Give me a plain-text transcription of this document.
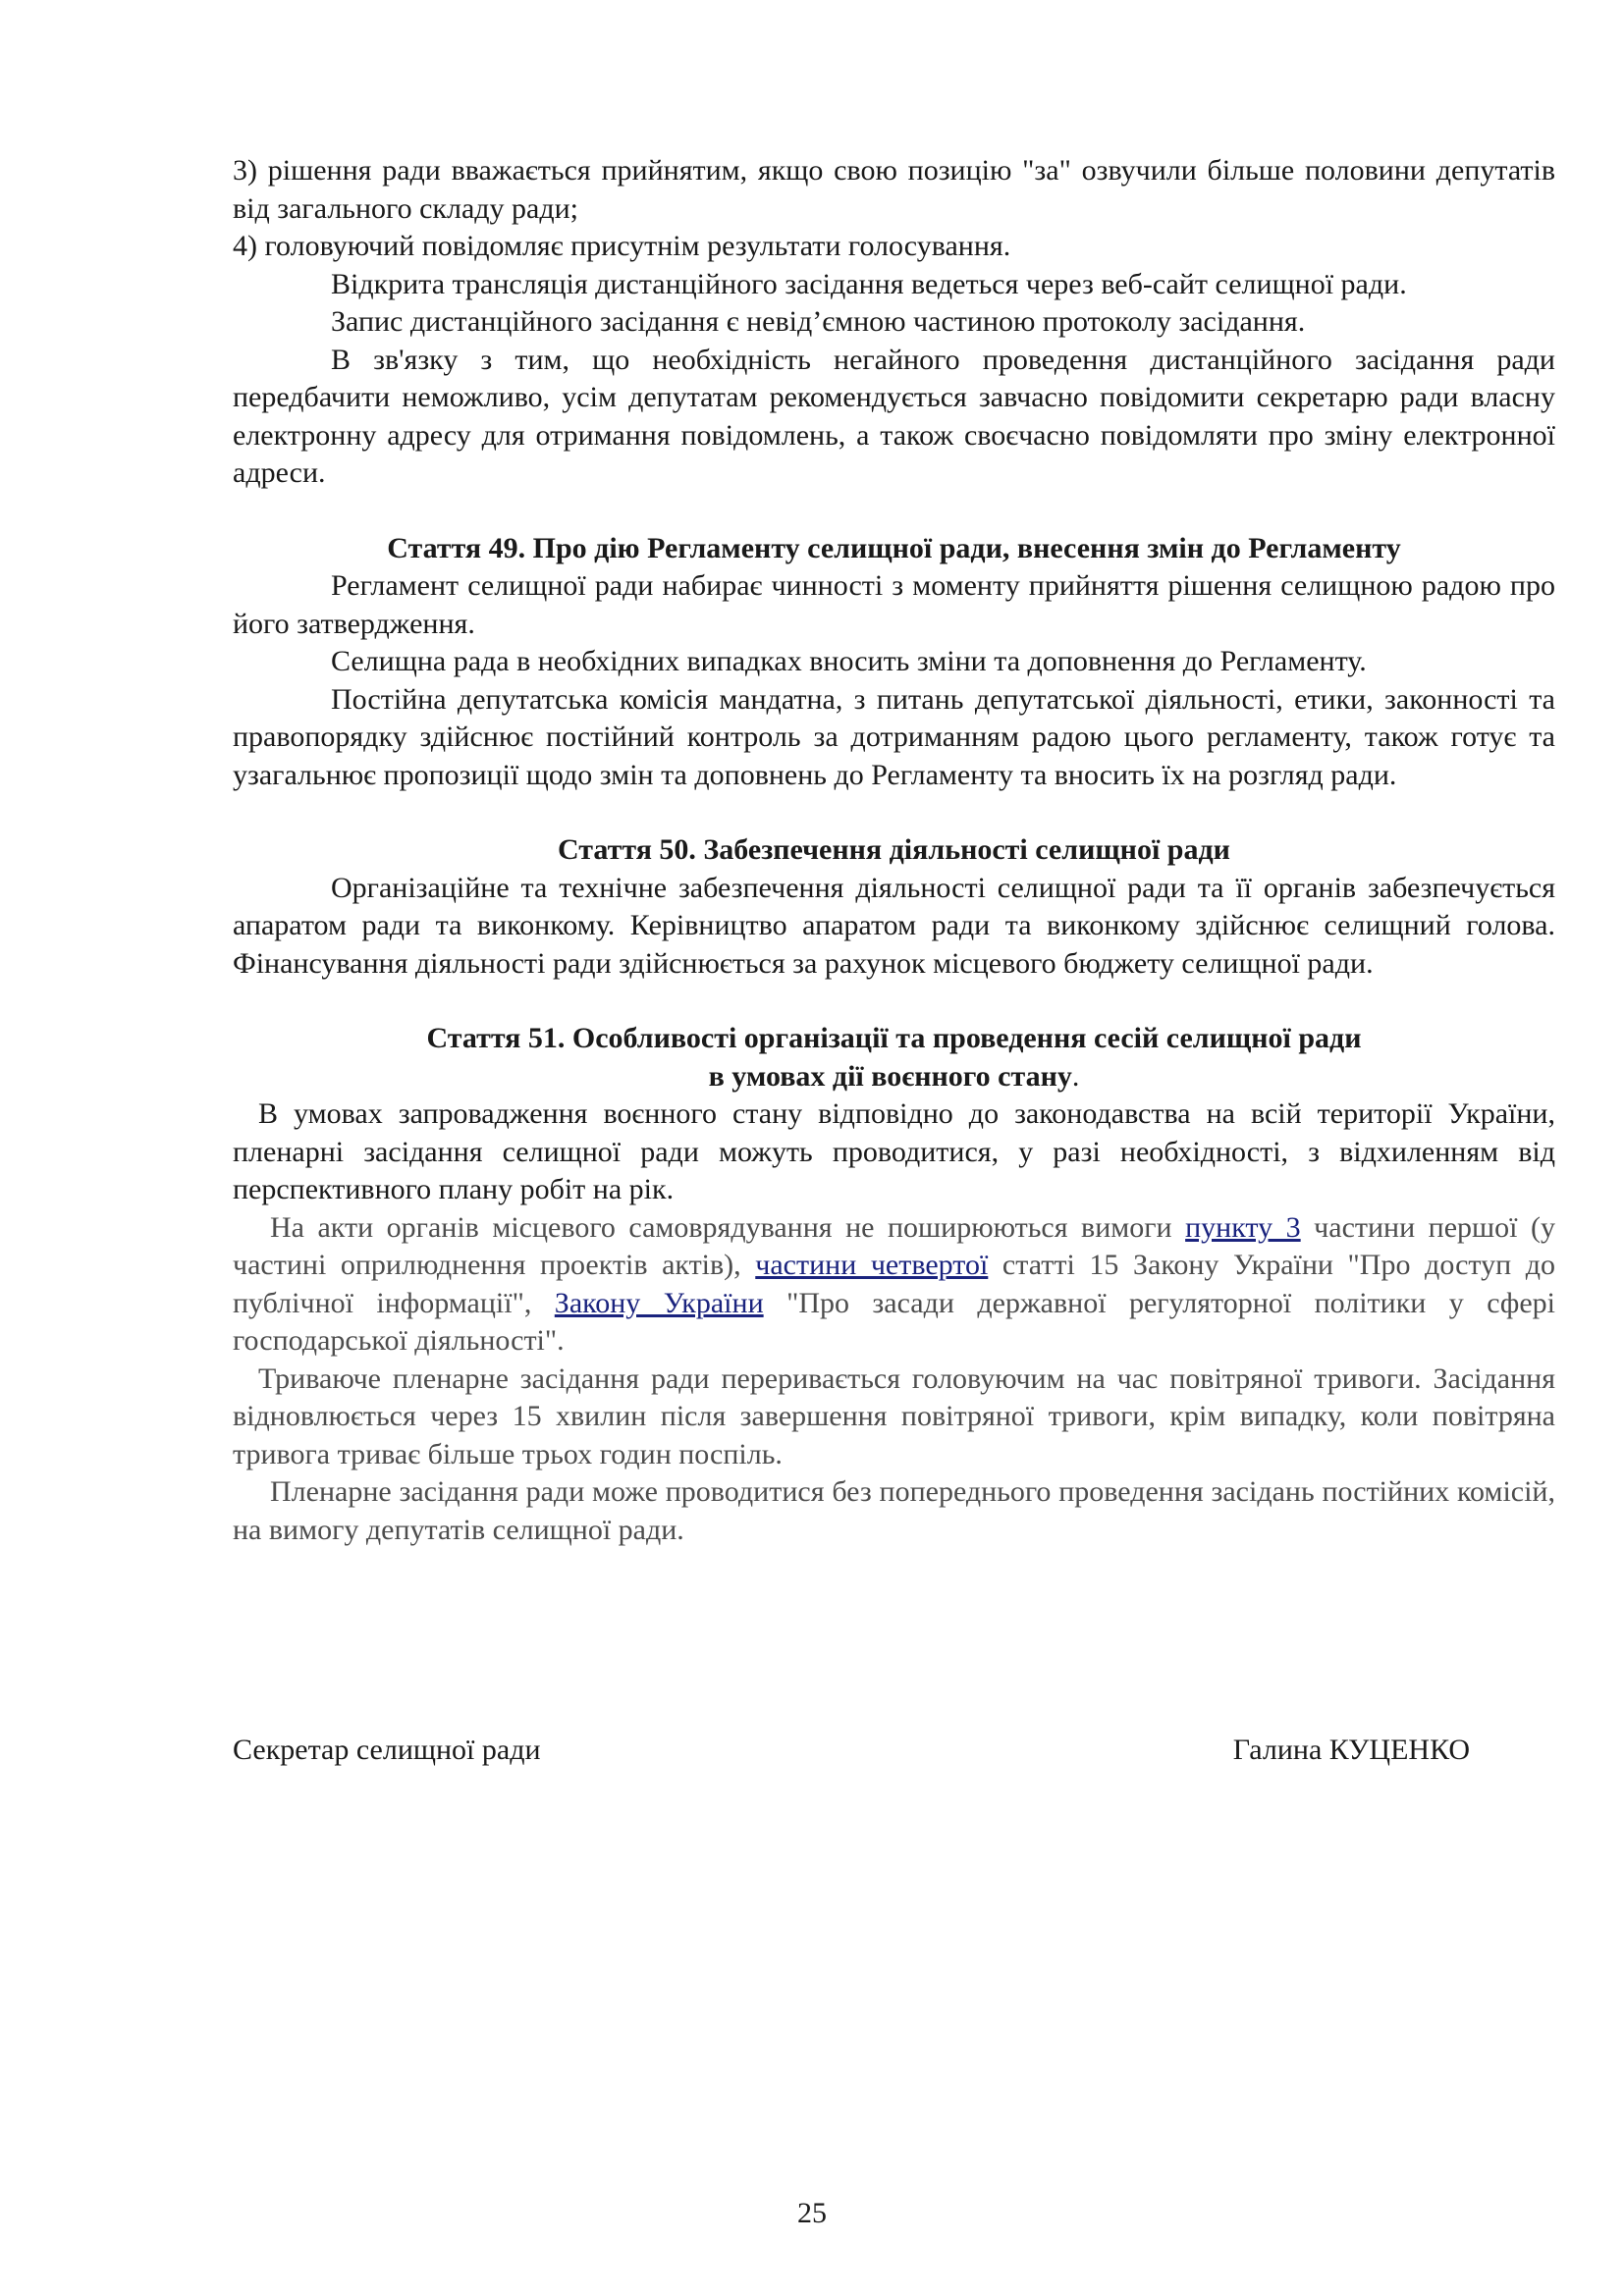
3) рішення ради вважається прийнятим, якщо свою позицію "за" озвучили більше половини депутатів від загального складу ради;

4) головуючий повідомляє присутнім результати голосування.

Відкрита трансляція дистанційного засідання ведеться через веб-сайт селищної ради.

Запис дистанційного засідання є невід’ємною частиною протоколу засідання.

В зв'язку з тим, що необхідність негайного проведення дистанційного засідання ради передбачити неможливо, усім депутатам рекомендується завчасно повідомити секретарю ради власну електронну адресу для отримання повідомлень, а також своєчасно повідомляти про зміну електронної адреси.

Стаття 49. Про дію Регламенту селищної ради, внесення змін до Регламенту

Регламент селищної ради набирає чинності з моменту прийняття рішення селищною радою про його затвердження.

Селищна рада в необхідних випадках вносить зміни та доповнення до Регламенту.

Постійна депутатська комісія мандатна, з питань депутатської діяльності, етики, законності та правопорядку здійснює постійний контроль за дотриманням радою цього регламенту, також готує та узагальнює пропозиції щодо змін та доповнень до Регламенту та вносить їх на розгляд ради.

Стаття 50. Забезпечення діяльності селищної ради

Організаційне та технічне забезпечення діяльності селищної ради та її органів забезпечується апаратом ради та виконкому. Керівництво апаратом ради та виконкому здійснює селищний голова. Фінансування діяльності ради здійснюється за рахунок місцевого бюджету селищної ради.

Стаття 51. Особливості організації та проведення сесій селищної ради

в умовах дії воєнного стану.

В умовах запровадження воєнного стану відповідно до законодавства на всій території України, пленарні засідання селищної ради можуть проводитися, у разі необхідності, з відхиленням від перспективного плану робіт на рік.

На акти органів місцевого самоврядування не поширюються вимоги пункту 3 частини першої (у частині оприлюднення проектів актів), частини четвертої статті 15 Закону України "Про доступ до публічної інформації", Закону України "Про засади державної регуляторної політики у сфері господарської діяльності".

Триваюче пленарне засідання ради переривається головуючим на час повітряної тривоги. Засідання відновлюється через 15 хвилин після завершення повітряної тривоги, крім випадку, коли повітряна тривога триває більше трьох годин поспіль.

Пленарне засідання ради може проводитися без попереднього проведення засідань постійних комісій, на вимогу депутатів селищної ради.

Секретар селищної ради	Галина КУЦЕНКО
25
